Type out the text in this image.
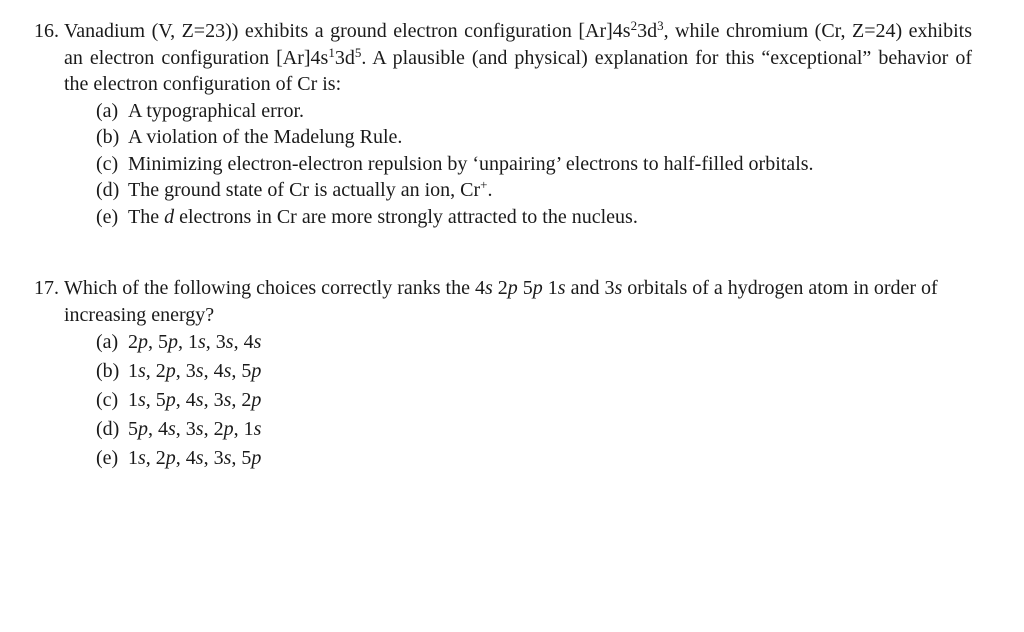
16. Vanadium (V, Z=23)) exhibits a ground electron configuration $[Ar]4s^23d^3$, while chromium (Cr, Z=24) exhibits an electron configuration $[Ar]4s^13d^5$. A plausible (and physical) explanation for this “exceptional” behavior of the electron configuration of Cr is:

(a) A typographical error.
(b) A violation of the Madelung Rule.
(c) Minimizing electron-electron repulsion by ‘unpairing’ electrons to half-filled orbitals.
(d) The ground state of Cr is actually an ion, Cr+.
(e) The d electrons in Cr are more strongly attracted to the nucleus.

17. Which of the following choices correctly ranks the 4s 2p 5p 1s and 3s orbitals of a hydrogen atom in order of increasing energy?

(a) 2p, 5p, 1s, 3s, 4s
(b) 1s, 2p, 3s, 4s, 5p
(c) 1s, 5p, 4s, 3s, 2p
(d) 5p, 4s, 3s, 2p, 1s
(e) 1s, 2p, 4s, 3s, 5p
